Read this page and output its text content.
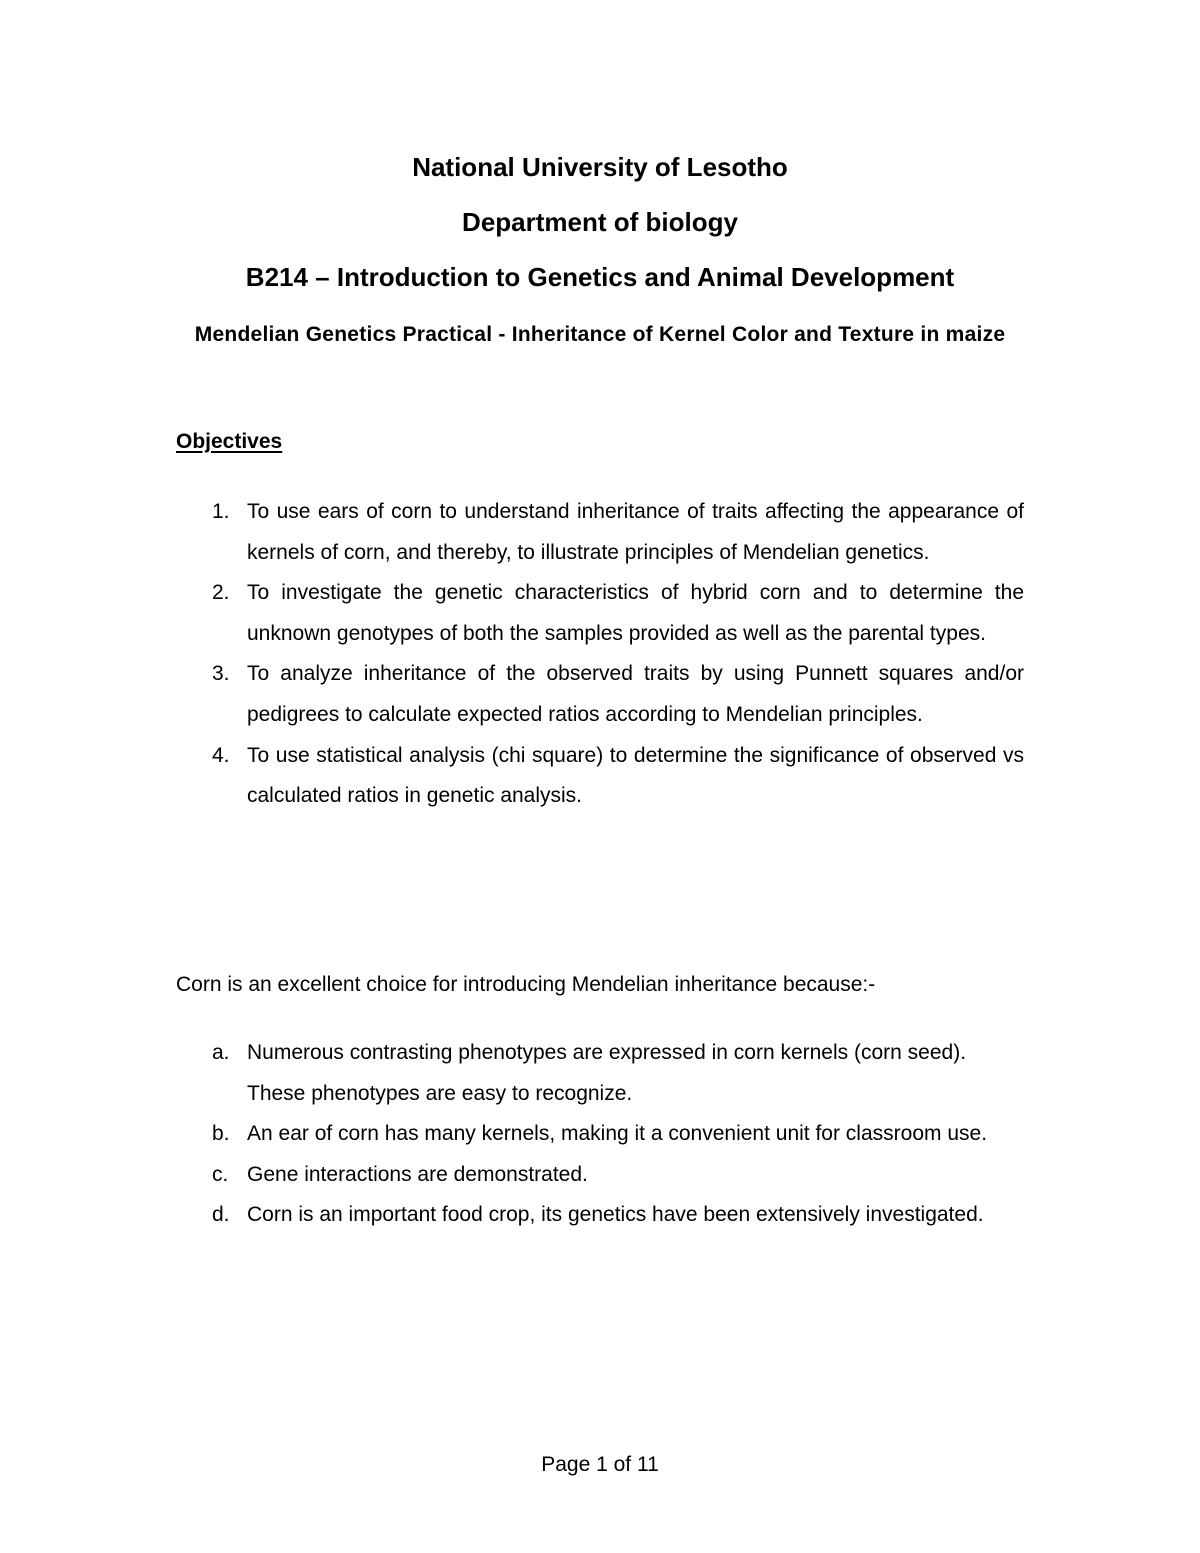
National University of Lesotho
Department of biology
B214 – Introduction to Genetics and Animal Development
Mendelian Genetics Practical - Inheritance of Kernel Color and Texture in maize
Objectives
1. To use ears of corn to understand inheritance of traits affecting the appearance of kernels of corn, and thereby, to illustrate principles of Mendelian genetics.
2. To investigate the genetic characteristics of hybrid corn and to determine the unknown genotypes of both the samples provided as well as the parental types.
3. To analyze inheritance of the observed traits by using Punnett squares and/or pedigrees to calculate expected ratios according to Mendelian principles.
4. To use statistical analysis (chi square) to determine the significance of observed vs calculated ratios in genetic analysis.
Corn is an excellent choice for introducing Mendelian inheritance because:-
a. Numerous contrasting phenotypes are expressed in corn kernels (corn seed). These phenotypes are easy to recognize.
b. An ear of corn has many kernels, making it a convenient unit for classroom use.
c. Gene interactions are demonstrated.
d. Corn is an important food crop, its genetics have been extensively investigated.
Page 1 of 11
